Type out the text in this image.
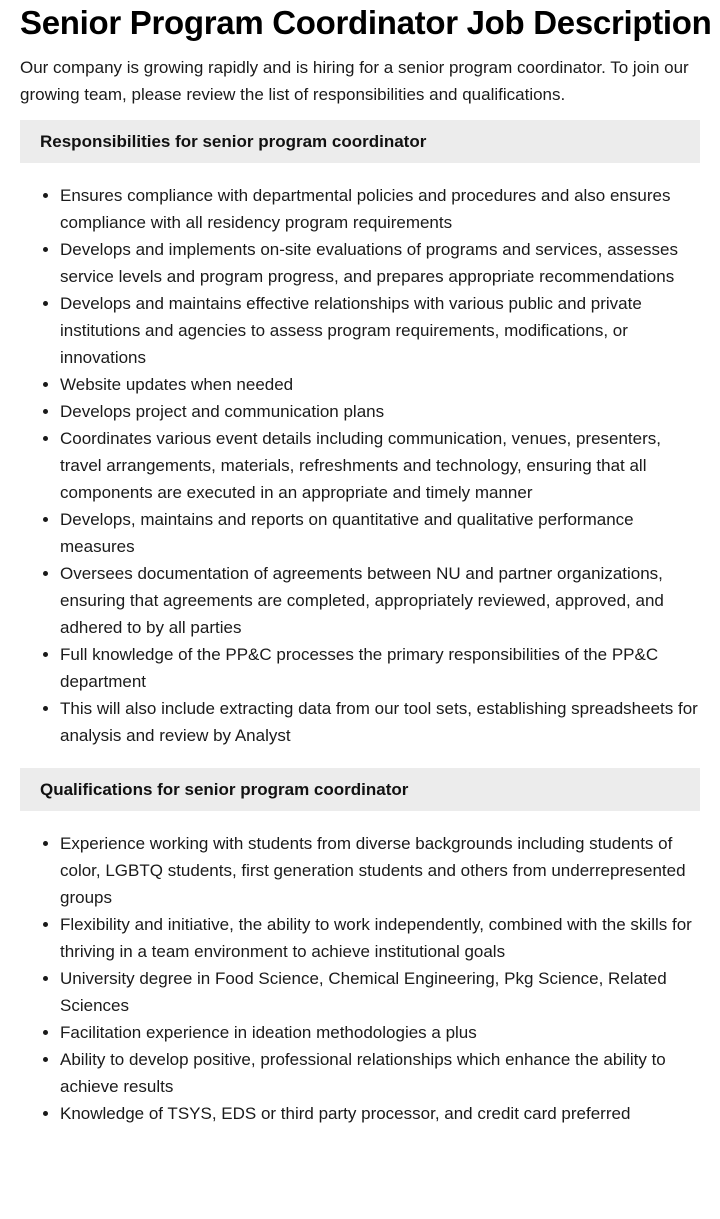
Senior Program Coordinator Job Description

Our company is growing rapidly and is hiring for a senior program coordinator. To join our growing team, please review the list of responsibilities and qualifications.

Responsibilities for senior program coordinator
• Ensures compliance with departmental policies and procedures and also ensures compliance with all residency program requirements
• Develops and implements on-site evaluations of programs and services, assesses service levels and program progress, and prepares appropriate recommendations
• Develops and maintains effective relationships with various public and private institutions and agencies to assess program requirements, modifications, or innovations
• Website updates when needed
• Develops project and communication plans
• Coordinates various event details including communication, venues, presenters, travel arrangements, materials, refreshments and technology, ensuring that all components are executed in an appropriate and timely manner
• Develops, maintains and reports on quantitative and qualitative performance measures
• Oversees documentation of agreements between NU and partner organizations, ensuring that agreements are completed, appropriately reviewed, approved, and adhered to by all parties
• Full knowledge of the PP&C processes the primary responsibilities of the PP&C department
• This will also include extracting data from our tool sets, establishing spreadsheets for analysis and review by Analyst
Qualifications for senior program coordinator
• Experience working with students from diverse backgrounds including students of color, LGBTQ students, first generation students and others from underrepresented groups
• Flexibility and initiative, the ability to work independently, combined with the skills for thriving in a team environment to achieve institutional goals
• University degree in Food Science, Chemical Engineering, Pkg Science, Related Sciences
• Facilitation experience in ideation methodologies a plus
• Ability to develop positive, professional relationships which enhance the ability to achieve results
• Knowledge of TSYS, EDS or third party processor, and credit card preferred
